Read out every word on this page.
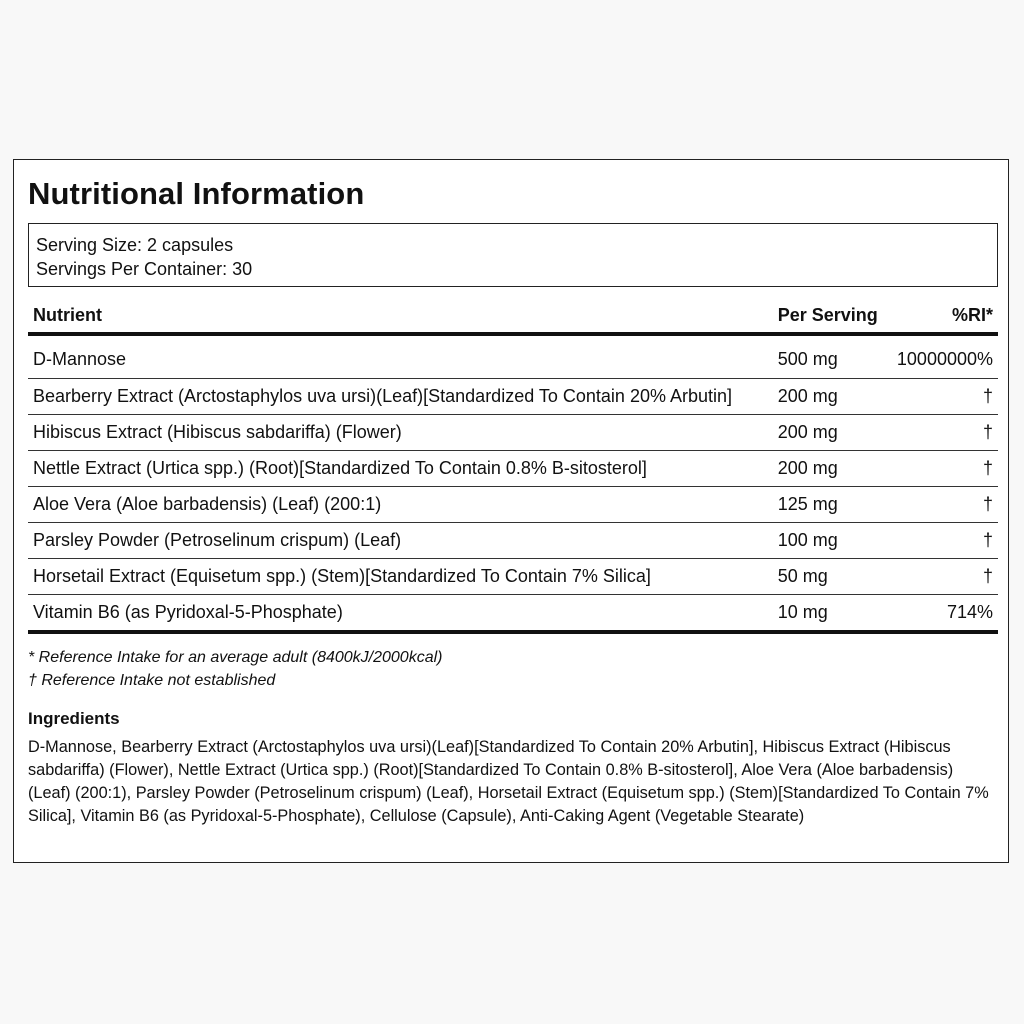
Nutritional Information
Serving Size: 2 capsules
Servings Per Container: 30
Nutrient	Per Serving	%RI*
D-Mannose	500 mg	10000000%
Bearberry Extract (Arctostaphylos uva ursi)(Leaf)[Standardized To Contain 20% Arbutin]	200 mg	†
Hibiscus Extract (Hibiscus sabdariffa) (Flower)	200 mg	†
Nettle Extract (Urtica spp.) (Root)[Standardized To Contain 0.8% B-sitosterol]	200 mg	†
Aloe Vera (Aloe barbadensis) (Leaf) (200:1)	125 mg	†
Parsley Powder (Petroselinum crispum) (Leaf)	100 mg	†
Horsetail Extract (Equisetum spp.) (Stem)[Standardized To Contain 7% Silica]	50 mg	†
Vitamin B6 (as Pyridoxal-5-Phosphate)	10 mg	714%
* Reference Intake for an average adult (8400kJ/2000kcal)
† Reference Intake not established
Ingredients

D-Mannose, Bearberry Extract (Arctostaphylos uva ursi)(Leaf)[Standardized To Contain 20% Arbutin], Hibiscus Extract (Hibiscus sabdariffa) (Flower), Nettle Extract (Urtica spp.) (Root)[Standardized To Contain 0.8% B-sitosterol], Aloe Vera (Aloe barbadensis) (Leaf) (200:1), Parsley Powder (Petroselinum crispum) (Leaf), Horsetail Extract (Equisetum spp.) (Stem)[Standardized To Contain 7% Silica], Vitamin B6 (as Pyridoxal-5-Phosphate), Cellulose (Capsule), Anti-Caking Agent (Vegetable Stearate)
